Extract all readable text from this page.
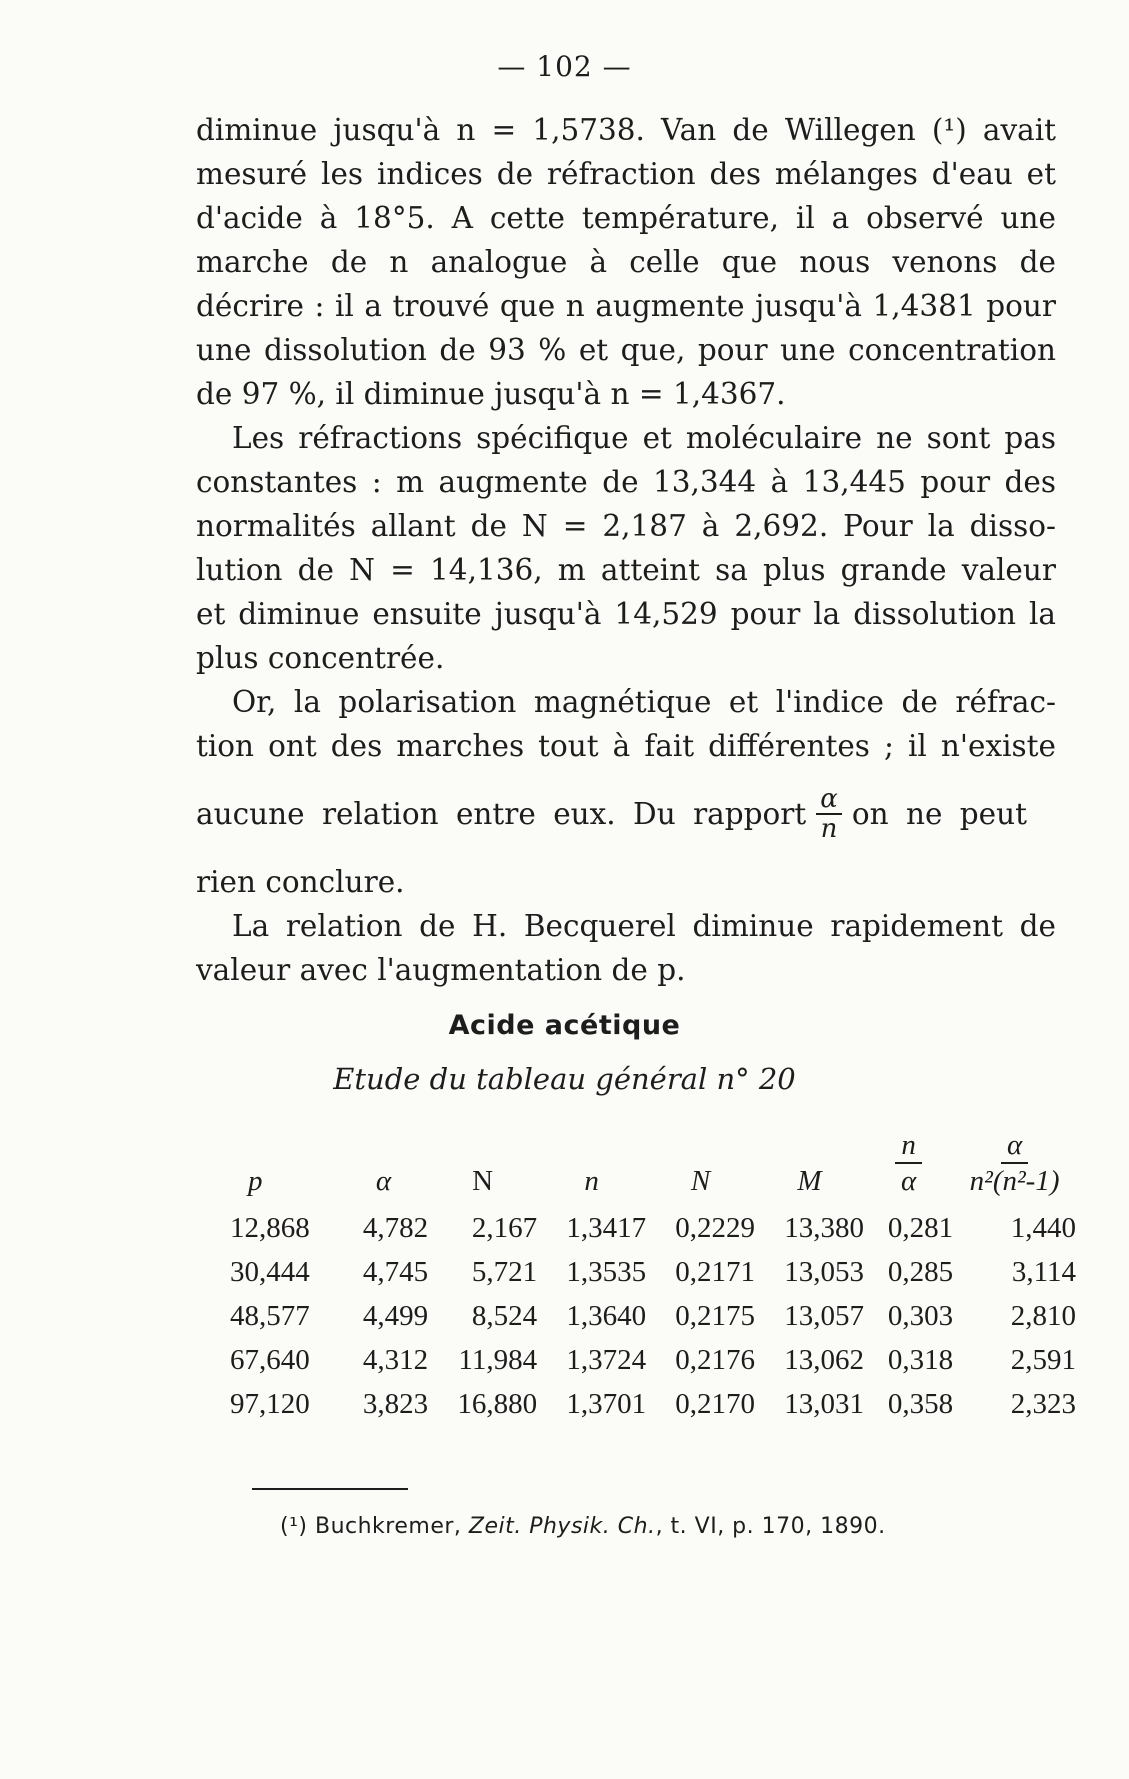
— 102 —
diminue jusqu'à n = 1,5738. Van de Willegen (¹) avait
mesuré les indices de réfraction des mélanges d'eau et
d'acide à 18°5. A cette température, il a observé une
marche de n analogue à celle que nous venons de
décrire : il a trouvé que n augmente jusqu'à 1,4381 pour
une dissolution de 93 % et que, pour une concentration
de 97 %, il diminue jusqu'à n = 1,4367.
Les réfractions spécifique et moléculaire ne sont pas
constantes : m augmente de 13,344 à 13,445 pour des
normalités allant de N = 2,187 à 2,692. Pour la disso-
lution de N = 14,136, m atteint sa plus grande valeur
et diminue ensuite jusqu'à 14,529 pour la dissolution la
plus concentrée.
Or, la polarisation magnétique et l'indice de réfrac-
tion ont des marches tout à fait différentes ; il n'existe
aucune relation entre eux. Du rapport $\frac{\alpha}{n}$ on ne peut
rien conclure.
La relation de H. Becquerel diminue rapidement de
valeur avec l'augmentation de p.
Acide acétique
Etude du tableau général n° 20
p	α	N	n	N	M	$\frac{n}{\alpha}$	$\frac{\alpha}{\text{n²(n²-1)}}$

12,868	4,782	2,167	1,3417	0,2229	13,380	0,281	1,440
30,444	4,745	5,721	1,3535	0,2171	13,053	0,285	3,114
48,577	4,499	8,524	1,3640	0,2175	13,057	0,303	2,810
67,640	4,312	11,984	1,3724	0,2176	13,062	0,318	2,591
97,120	3,823	16,880	1,3701	0,2170	13,031	0,358	2,323
(¹) Buchkremer, Zeit. Physik. Ch., t. VI, p. 170, 1890.
